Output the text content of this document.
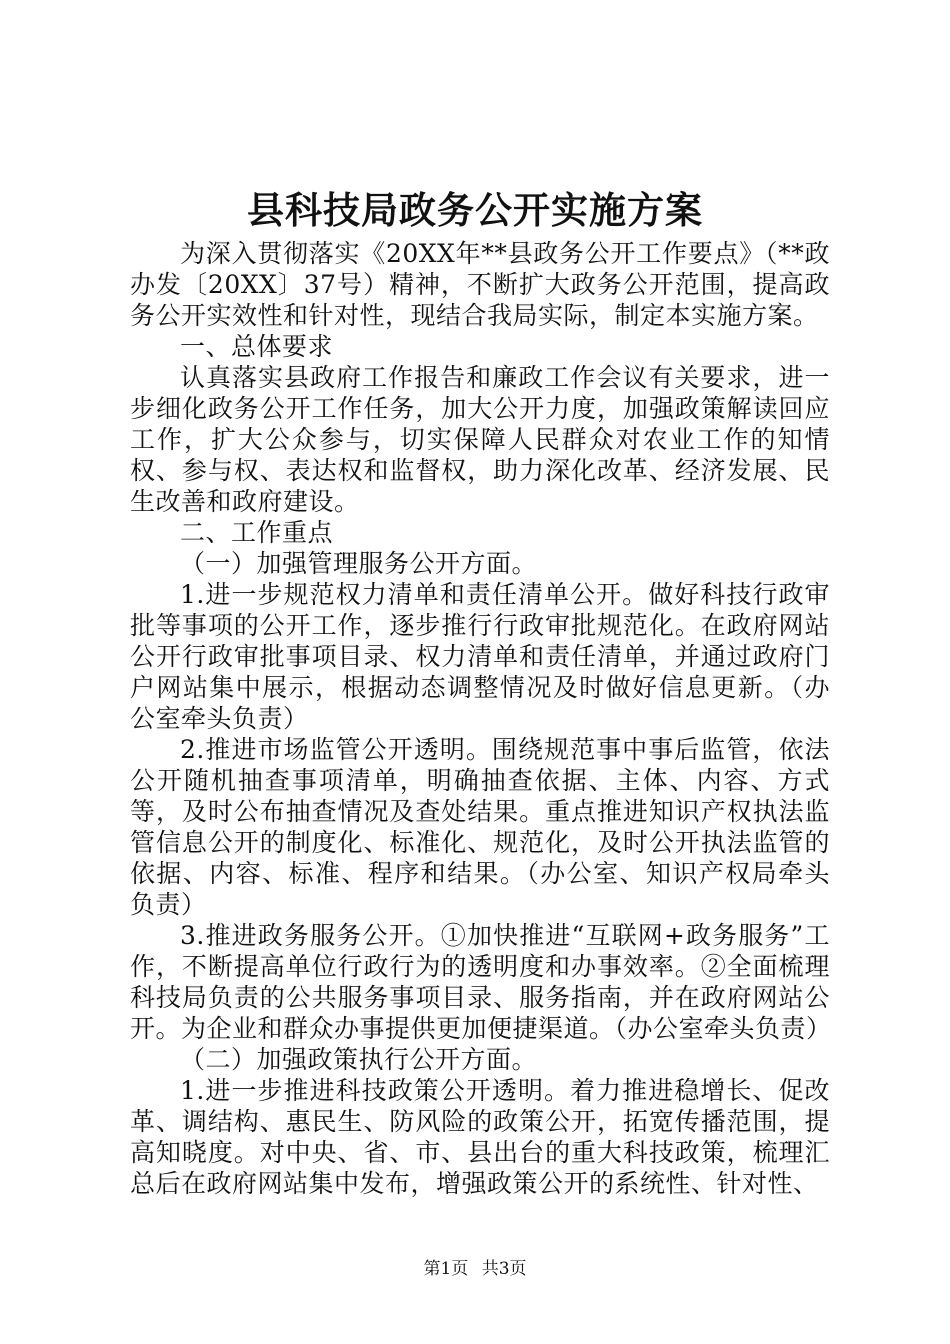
县科技局政务公开实施方案

为深入贯彻落实《20XX年**县政务公开工作要点》（**政办发〔20XX〕37号）精神，不断扩大政务公开范围，提高政务公开实效性和针对性，现结合我局实际，制定本实施方案。

一、总体要求

认真落实县政府工作报告和廉政工作会议有关要求，进一步细化政务公开工作任务，加大公开力度，加强政策解读回应工作，扩大公众参与，切实保障人民群众对农业工作的知情权、参与权、表达权和监督权，助力深化改革、经济发展、民生改善和政府建设。

二、工作重点

（一）加强管理服务公开方面。

1.进一步规范权力清单和责任清单公开。做好科技行政审批等事项的公开工作，逐步推行行政审批规范化。在政府网站公开行政审批事项目录、权力清单和责任清单，并通过政府门户网站集中展示，根据动态调整情况及时做好信息更新。（办公室牵头负责）

2.推进市场监管公开透明。围绕规范事中事后监管，依法公开随机抽查事项清单，明确抽查依据、主体、内容、方式等，及时公布抽查情况及查处结果。重点推进知识产权执法监管信息公开的制度化、标准化、规范化，及时公开执法监管的依据、内容、标准、程序和结果。（办公室、知识产权局牵头负责）

3.推进政务服务公开。①加快推进“互联网+政务服务”工作，不断提高单位行政行为的透明度和办事效率。②全面梳理科技局负责的公共服务事项目录、服务指南，并在政府网站公开。为企业和群众办事提供更加便捷渠道。（办公室牵头负责）

（二）加强政策执行公开方面。

1.进一步推进科技政策公开透明。着力推进稳增长、促改革、调结构、惠民生、防风险的政策公开，拓宽传播范围，提高知晓度。对中央、省、市、县出台的重大科技政策，梳理汇总后在政府网站集中发布，增强政策公开的系统性、针对性、

第1页 共3页
